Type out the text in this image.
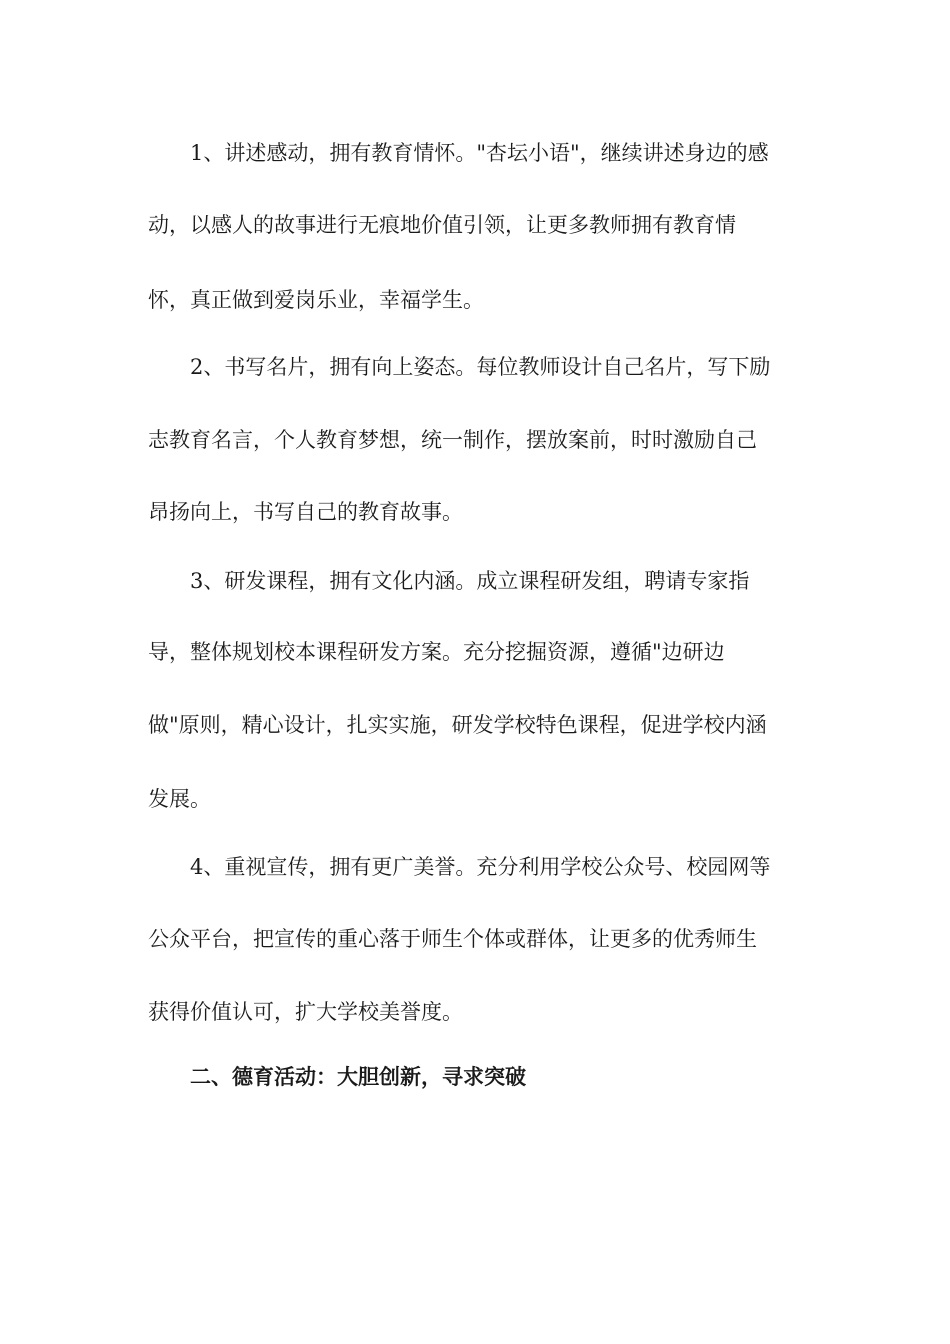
1、讲述感动，拥有教育情怀。"杏坛小语"，继续讲述身边的感
动，以感人的故事进行无痕地价值引领，让更多教师拥有教育情
怀，真正做到爱岗乐业，幸福学生。
2、书写名片，拥有向上姿态。每位教师设计自己名片，写下励
志教育名言，个人教育梦想，统一制作，摆放案前，时时激励自己
昂扬向上，书写自己的教育故事。
3、研发课程，拥有文化内涵。成立课程研发组，聘请专家指
导，整体规划校本课程研发方案。充分挖掘资源，遵循"边研边
做"原则，精心设计，扎实实施，研发学校特色课程，促进学校内涵
发展。
4、重视宣传，拥有更广美誉。充分利用学校公众号、校园网等
公众平台，把宣传的重心落于师生个体或群体，让更多的优秀师生
获得价值认可，扩大学校美誉度。
二、德育活动：大胆创新，寻求突破
